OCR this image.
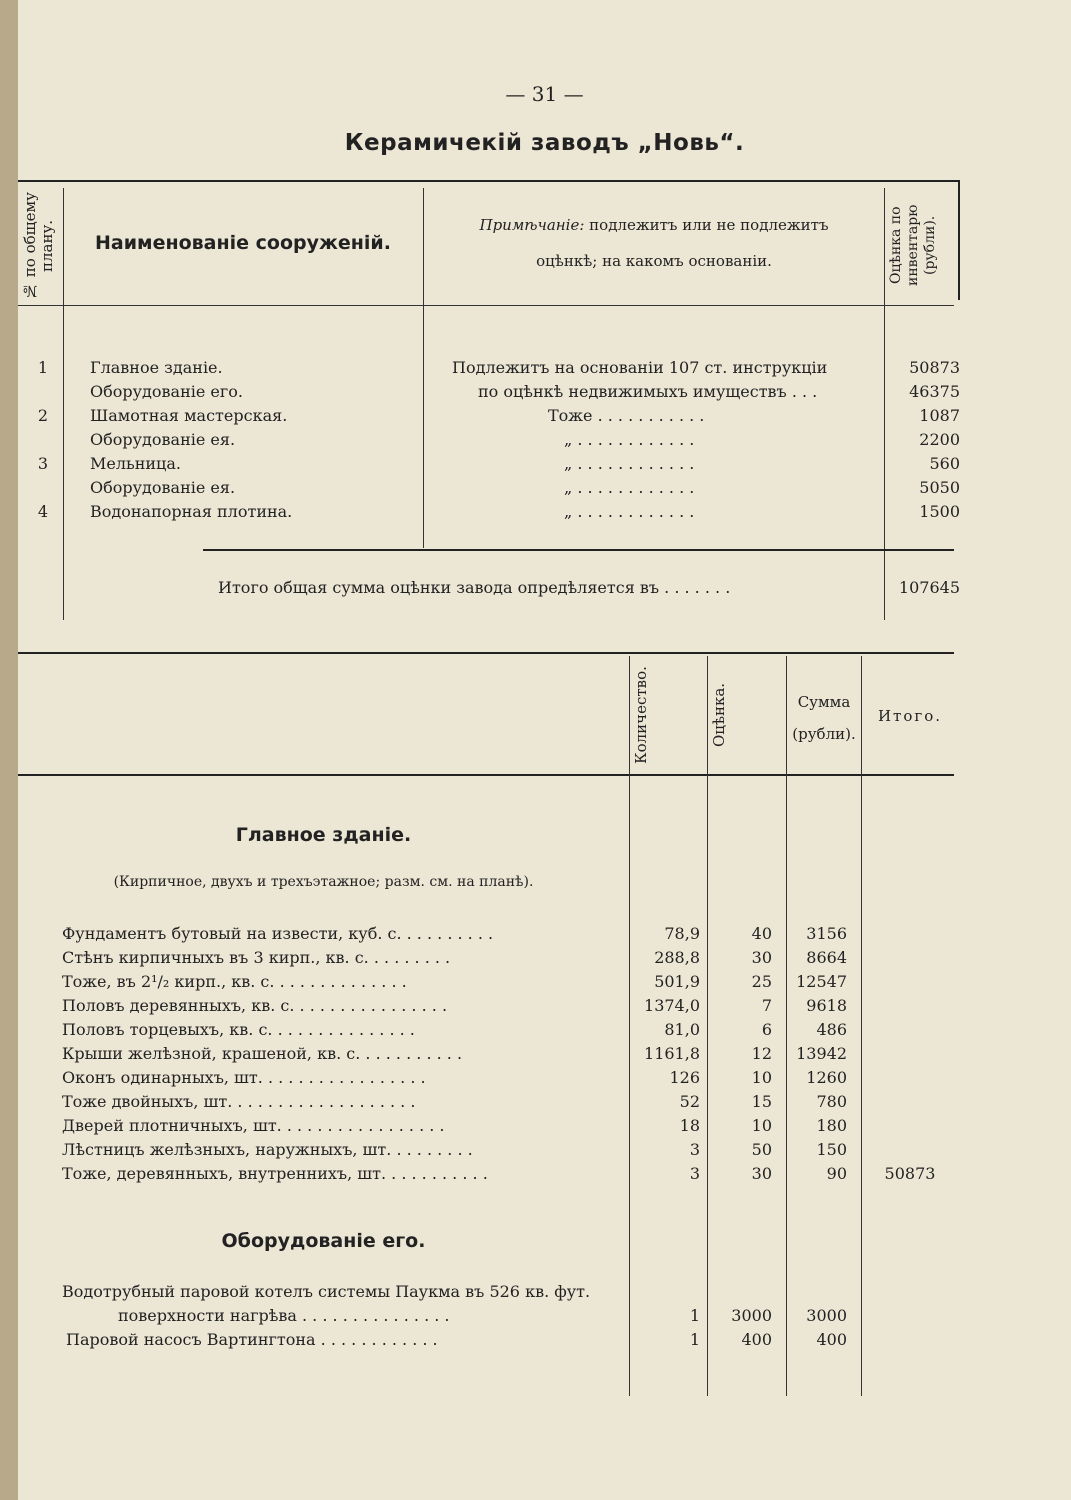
— 31 —
Керамичекій заводъ „Новь“.
№ по общему
плану.	Наименованіе сооруженій.
Примѣчаніе: подлежитъ или не подлежитъ
оцѣнкѣ; на какомъ основаніи.	Оцѣнка по
инвентарю
(рубли).
1	Главное зданіе.	Подлежитъ на основаніи 107 ст. инструкціи	50873
Оборудованіе его.	по оцѣнкѣ недвижимыхъ имуществъ . . .	46375
2	Шамотная мастерская.	Тоже . . . . . . . . . . .	1087
Оборудованіе ея.	„ . . . . . . . . . . . .	2200
3	Мельница.	„ . . . . . . . . . . . .	560
Оборудованіе ея.	„ . . . . . . . . . . . .	5050
4	Водонапорная плотина.	„ . . . . . . . . . . . .	1500
Итого общая сумма оцѣнки завода опредѣляется въ . . . . . . .	107645
Количество.	Оцѣнка.	Сумма
(рубли).
Итого.
Главное зданіе.
(Кирпичное, двухъ и трехъэтажное; разм. см. на планѣ).
Фундаментъ бутовый на извести, куб. с. . . . . . . . . .	78,9	40	3156
Стѣнъ кирпичныхъ въ 3 кирп., кв. с. . . . . . . . .	288,8	30	8664
Тоже, въ 2¹/₂ кирп., кв. с. . . . . . . . . . . . . .	501,9	25	12547
Половъ деревянныхъ, кв. с. . . . . . . . . . . . . . . .	1374,0	7	9618
Половъ торцевыхъ, кв. с. . . . . . . . . . . . . . .	81,0	6	486
Крыши желѣзной, крашеной, кв. с. . . . . . . . . . .	1161,8	12	13942
Оконъ одинарныхъ, шт. . . . . . . . . . . . . . . . .	126	10	1260
Тоже двойныхъ, шт. . . . . . . . . . . . . . . . . . .	52	15	780
Дверей плотничныхъ, шт. . . . . . . . . . . . . . . . .	18	10	180
Лѣстницъ желѣзныхъ, наружныхъ, шт. . . . . . . . .	3	50	150
Тоже, деревянныхъ, внутреннихъ, шт. . . . . . . . . . .	3	30	90	50873
Оборудованіе его.
Водотрубный паровой котелъ системы Паукма въ 526 кв. фут.
поверхности нагрѣва . . . . . . . . . . . . . . .	1	3000	3000
Паровой насосъ Вартингтона . . . . . . . . . . . .	1	400	400
